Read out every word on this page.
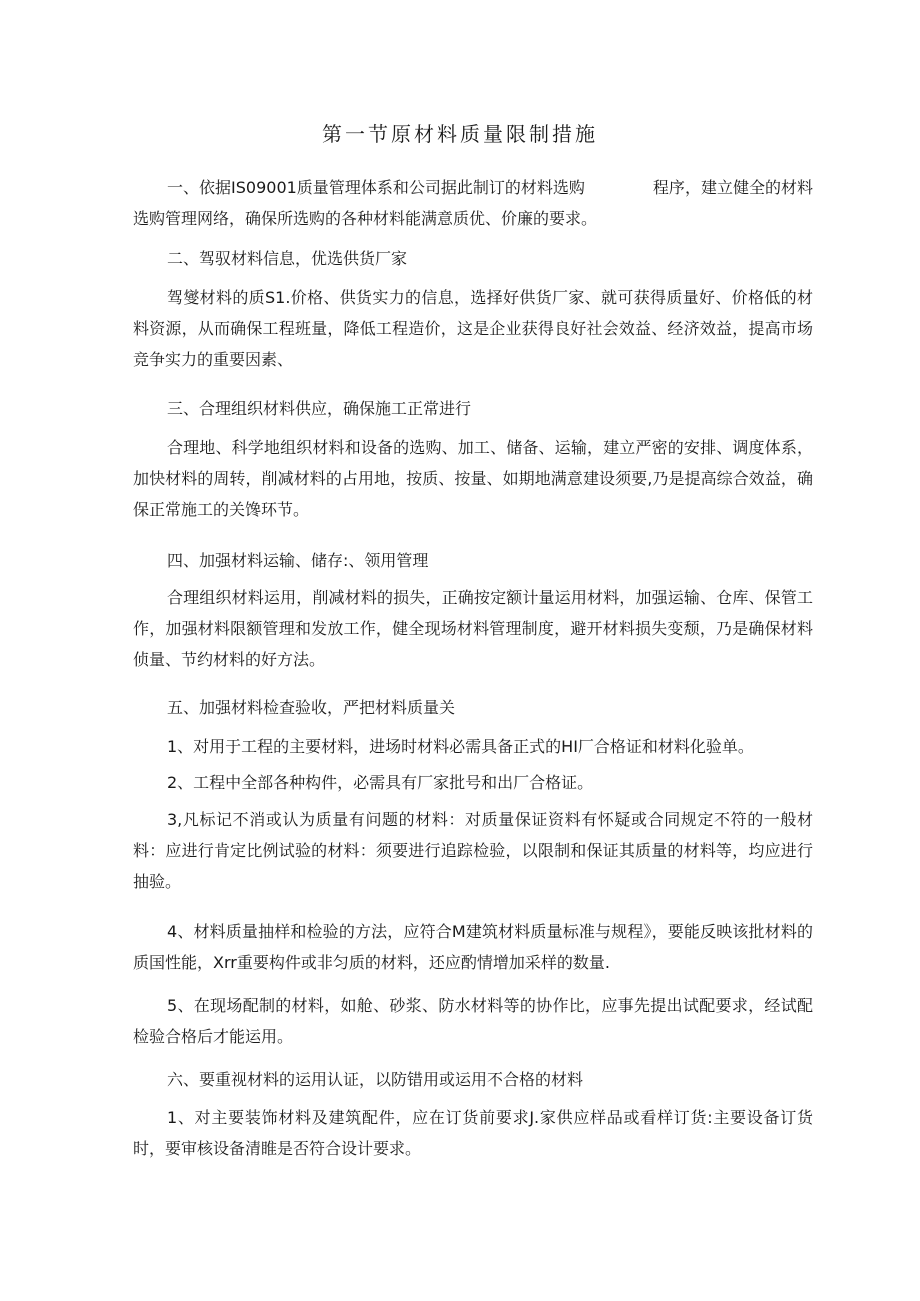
第一节原材料质量限制措施
一、依据IS09001质量管理体系和公司据此制订的材料选购	程序，建立健全的材料选购管理网络，确保所选购的各种材料能满意质优、价廉的要求。
二、驾驭材料信息，优选供货厂家
驾燮材料的质S1.价格、供货实力的信息，选择好供货厂家、就可获得质量好、价格低的材料资源，从而确保工程班量，降低工程造价，这是企业获得良好社会效益、经济效益，提高市场竞争实力的重要因素、
三、合理组织材料供应，确保施工正常进行
合理地、科学地组织材料和设备的选购、加工、储备、运输，建立严密的安排、调度体系，加快材料的周转，削减材料的占用地，按质、按量、如期地满意建设须要,乃是提高综合效益，确保正常施工的关馋环节。
四、加强材料运输、储存:、领用管理
合理组织材料运用，削减材料的损失，正确按定额计量运用材料，加强运输、仓库、保管工作，加强材料限额管理和发放工作，健全现场材料管理制度，避开材料损失变颓，乃是确保材料侦量、节约材料的好方法。
五、加强材料检查验收，严把材料质量关
1、对用于工程的主要材料，进场时材料必需具备正式的HI厂合格证和材料化验单。
2、工程中全部各种构件，必需具有厂家批号和出厂合格证。
3,凡标记不消或认为质量有问题的材料：对质量保证资料有怀疑或合同规定不符的一般材料：应进行肯定比例试验的材料：须要进行追踪检验，以限制和保证其质量的材料等，均应进行抽验。
4、材料质量抽样和检验的方法，应符合M建筑材料质量标准与规程》，要能反映该批材料的质国性能，Xrr重要构件或非匀质的材料，还应酌情增加采样的数量.
5、在现场配制的材料，如舱、砂浆、防水材料等的协作比，应事先提出试配要求，经试配检验合格后才能运用。
六、要重视材料的运用认证，以防错用或运用不合格的材料
1、对主要装饰材料及建筑配件，应在订货前要求J.家供应样品或看样订货:主要设备订货时，要审核设备清睢是否符合设计要求。
